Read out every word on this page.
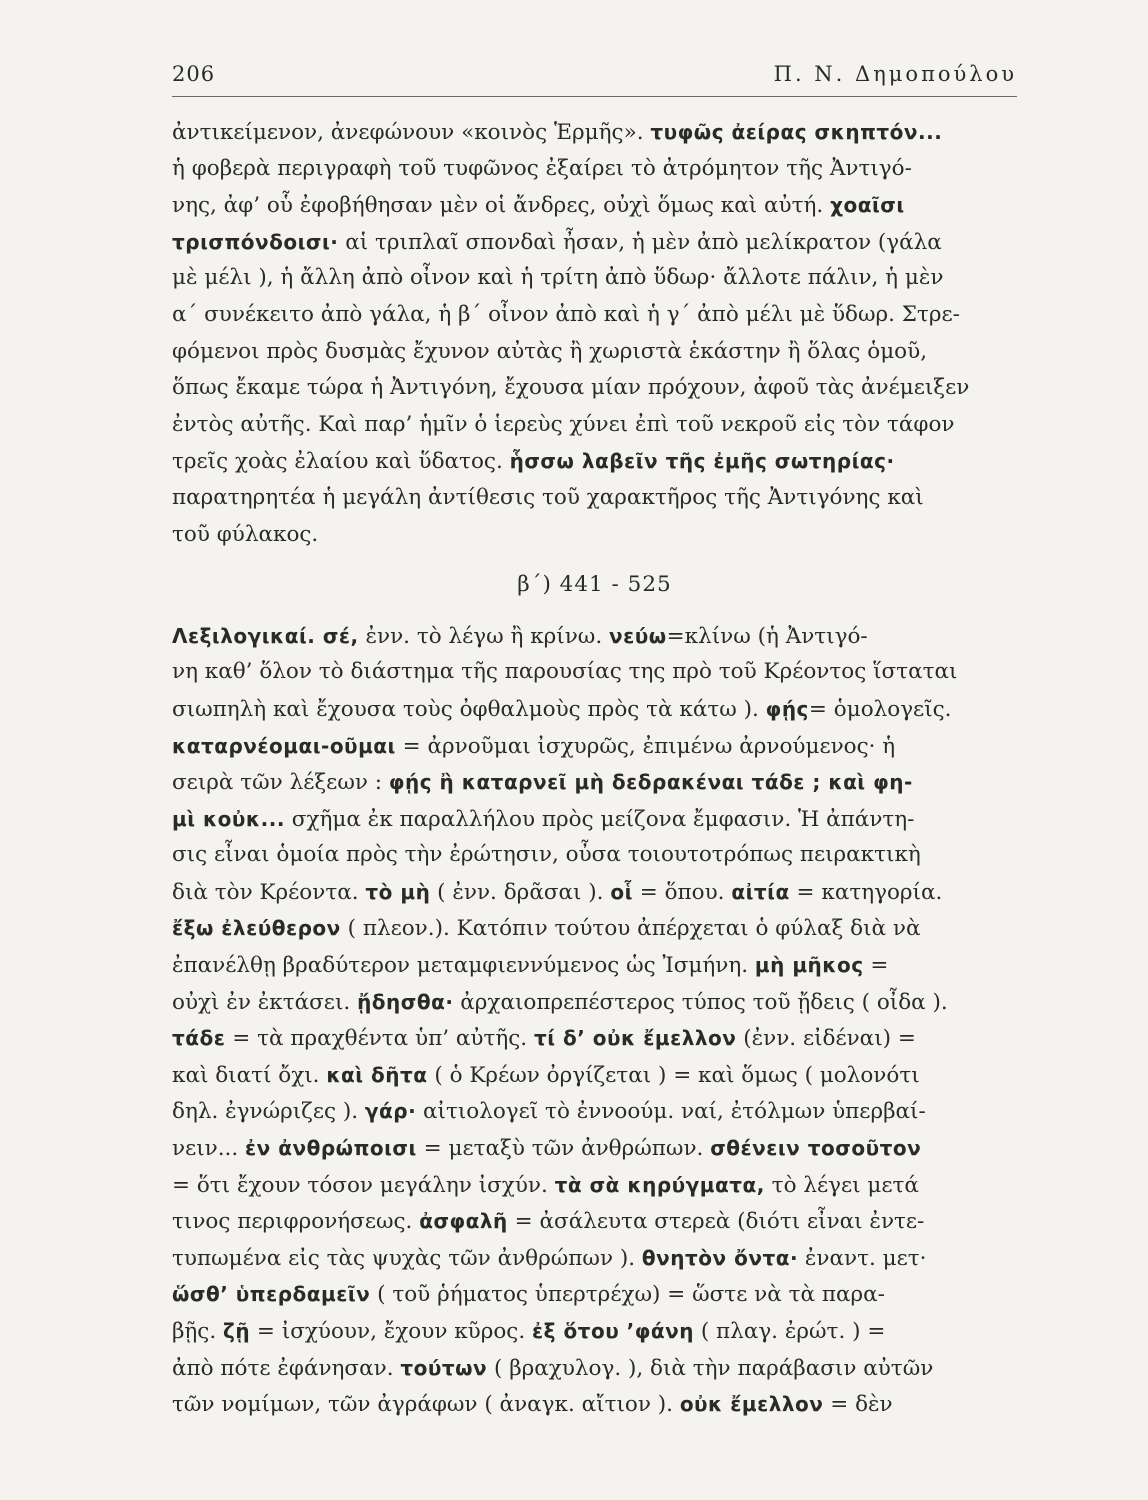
206	Π. Ν. Δημοπούλου
ἀντικείμενον, ἀνεφώνουν «κοινὸς Ἑρμῆς». τυφῶς ἀείρας σκηπτόν...
ἡ φοβερὰ περιγραφὴ τοῦ τυφῶνος ἐξαίρει τὸ ἀτρόμητον τῆς Ἀντιγό-
νης, ἀφ’ οὗ ἐφοβήθησαν μὲν οἱ ἄνδρες, οὐχὶ ὅμως καὶ αὐτή. χοαῖσι
τρισπόνδοισι· αἱ τριπλαῖ σπονδαὶ ἦσαν, ἡ μὲν ἀπὸ μελίκρατον (γάλα
μὲ μέλι ), ἡ ἄλλη ἀπὸ οἶνον καὶ ἡ τρίτη ἀπὸ ὕδωρ· ἄλλοτε πάλιν, ἡ μὲν
α΄ συνέκειτο ἀπὸ γάλα, ἡ β΄ οἶνον ἀπὸ καὶ ἡ γ΄ ἀπὸ μέλι μὲ ὕδωρ. Στρε-
φόμενοι πρὸς δυσμὰς ἔχυνον αὐτὰς ἢ χωριστὰ ἑκάστην ἢ ὅλας ὁμοῦ,
ὅπως ἔκαμε τώρα ἡ Ἀντιγόνη, ἔχουσα μίαν πρόχουν, ἀφοῦ τὰς ἀνέμειξεν
ἐντὸς αὐτῆς. Καὶ παρ’ ἡμῖν ὁ ἱερεὺς χύνει ἐπὶ τοῦ νεκροῦ εἰς τὸν τάφον
τρεῖς χοὰς ἐλαίου καὶ ὕδατος. ἧσσω λαβεῖν τῆς ἐμῆς σωτηρίας·
παρατηρητέα ἡ μεγάλη ἀντίθεσις τοῦ χαρακτῆρος τῆς Ἀντιγόνης καὶ
τοῦ φύλακος.
β΄) 441 - 525
Λεξιλογικαί. σέ, ἐνν. τὸ λέγω ἢ κρίνω. νεύω=κλίνω (ἡ Ἀντιγό-
νη καθ’ ὅλον τὸ διάστημα τῆς παρουσίας της πρὸ τοῦ Κρέοντος ἵσταται
σιωπηλὴ καὶ ἔχουσα τοὺς ὀφθαλμοὺς πρὸς τὰ κάτω ). φῄς= ὁμολογεῖς.
καταρνέομαι-οῦμαι = ἀρνοῦμαι ἰσχυρῶς, ἐπιμένω ἀρνούμενος· ἡ
σειρὰ τῶν λέξεων : φῄς ἢ καταρνεῖ μὴ δεδρακέναι τάδε ; καὶ φη-
μὶ κοὐκ... σχῆμα ἐκ παραλλήλου πρὸς μείζονα ἔμφασιν. Ἡ ἀπάντη-
σις εἶναι ὁμοία πρὸς τὴν ἐρώτησιν, οὖσα τοιουτοτρόπως πειρακτικὴ
διὰ τὸν Κρέοντα. τὸ μὴ ( ἐνν. δρᾶσαι ). οἷ = ὅπου. αἰτία = κατηγορία.
ἔξω ἐλεύθερον ( πλεον.). Κατόπιν τούτου ἀπέρχεται ὁ φύλαξ διὰ νὰ
ἐπανέλθῃ βραδύτερον μεταμφιεννύμενος ὡς Ἰσμήνη. μὴ μῆκος =
οὐχὶ ἐν ἐκτάσει. ᾔδησθα· ἀρχαιοπρεπέστερος τύπος τοῦ ᾔδεις ( οἶδα ).
τάδε = τὰ πραχθέντα ὑπ’ αὐτῆς. τί δ’ οὐκ ἔμελλον (ἐνν. εἰδέναι) =
καὶ διατί ὄχι. καὶ δῆτα ( ὁ Κρέων ὀργίζεται ) = καὶ ὅμως ( μολονότι
δηλ. ἐγνώριζες ). γάρ· αἰτιολογεῖ τὸ ἐννοούμ. ναί, ἐτόλμων ὑπερβαί-
νειν... ἐν ἀνθρώποισι = μεταξὺ τῶν ἀνθρώπων. σθένειν τοσοῦτον
= ὅτι ἔχουν τόσον μεγάλην ἰσχύν. τὰ σὰ κηρύγματα, τὸ λέγει μετά
τινος περιφρονήσεως. ἀσφαλῆ = ἀσάλευτα στερεὰ (διότι εἶναι ἐντε-
τυπωμένα εἰς τὰς ψυχὰς τῶν ἀνθρώπων ). θνητὸν ὄντα· ἐναντ. μετ·
ὥσθ’ ὑπερδαμεῖν ( τοῦ ῥήματος ὑπερτρέχω) = ὥστε νὰ τὰ παρα-
βῇς. ζῇ = ἰσχύουν, ἔχουν κῦρος. ἐξ ὅτου ’φάνη ( πλαγ. ἐρώτ. ) =
ἀπὸ πότε ἐφάνησαν. τούτων ( βραχυλογ. ), διὰ τὴν παράβασιν αὐτῶν
τῶν νομίμων, τῶν ἀγράφων ( ἀναγκ. αἴτιον ). οὐκ ἔμελλον = δὲν
